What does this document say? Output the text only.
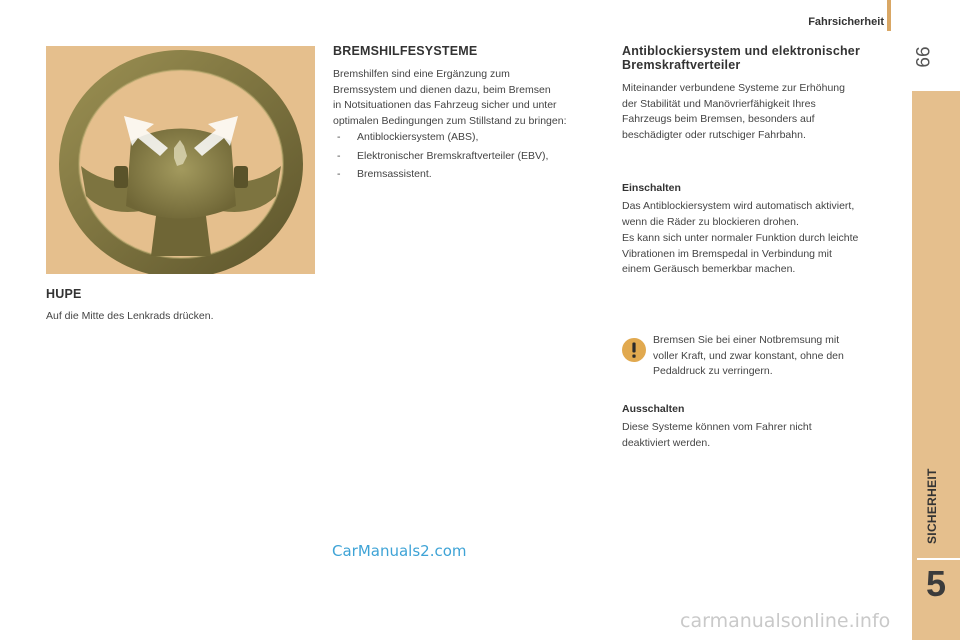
Fahrsicherheit
99
SICHERHEIT
5
HUPE

Auf die Mitte des Lenkrads drücken.

BREMSHILFESYSTEME

Bremshilfen sind eine Ergänzung zum

Bremssystem und dienen dazu, beim Bremsen

in Notsituationen das Fahrzeug sicher und unter

optimalen Bedingungen zum Stillstand zu bringen:

- Antiblockiersystem (ABS),
- Elektronischer Bremskraftverteiler (EBV),
- Bremsassistent.
Antiblockiersystem und elektronischer
Bremskraftverteiler

Miteinander verbundene Systeme zur Erhöhung

der Stabilität und Manövrierfähigkeit Ihres

Fahrzeugs beim Bremsen, besonders auf

beschädigter oder rutschiger Fahrbahn.

Einschalten

Das Antiblockiersystem wird automatisch aktiviert,

wenn die Räder zu blockieren drohen.

Es kann sich unter normaler Funktion durch leichte

Vibrationen im Bremspedal in Verbindung mit

einem Geräusch bemerkbar machen.

Bremsen Sie bei einer Notbremsung mit

voller Kraft, und zwar konstant, ohne den

Pedaldruck zu verringern.

Ausschalten

Diese Systeme können vom Fahrer nicht

deaktiviert werden.

CarManuals2.com
carmanualsonline.info
